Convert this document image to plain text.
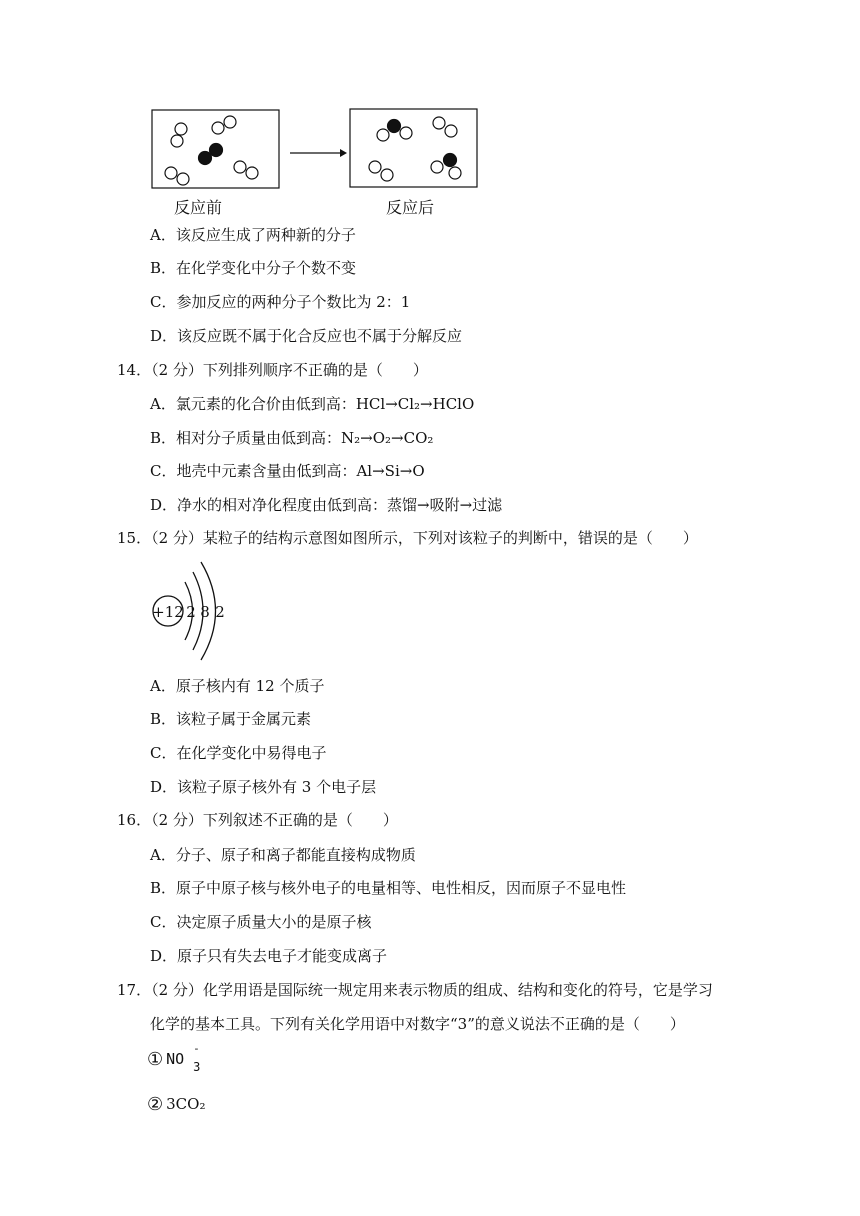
反应前	反应后
A．该反应生成了两种新的分子
B．在化学变化中分子个数不变
C．参加反应的两种分子个数比为 2：1
D．该反应既不属于化合反应也不属于分解反应
14．（2 分）下列排列顺序不正确的是（　　）
A．氯元素的化合价由低到高：HCl→Cl₂→HClO
B．相对分子质量由低到高：N₂→O₂→CO₂
C．地壳中元素含量由低到高：Al→Si→O
D．净水的相对净化程度由低到高：蒸馏→吸附→过滤
15．（2 分）某粒子的结构示意图如图所示，下列对该粒子的判断中，错误的是（　　）
+12 2 8 2
A．原子核内有 12 个质子
B．该粒子属于金属元素
C．在化学变化中易得电子
D．该粒子原子核外有 3 个电子层
16．（2 分）下列叙述不正确的是（　　）
A．分子、原子和离子都能直接构成物质
B．原子中原子核与核外电子的电量相等、电性相反，因而原子不显电性
C．决定原子质量大小的是原子核
D．原子只有失去电子才能变成离子
17．（2 分）化学用语是国际统一规定用来表示物质的组成、结构和变化的符号，它是学习
化学的基本工具。下列有关化学用语中对数字“3”的意义说法不正确的是（　　）
① NO
-
3
② 3CO₂
